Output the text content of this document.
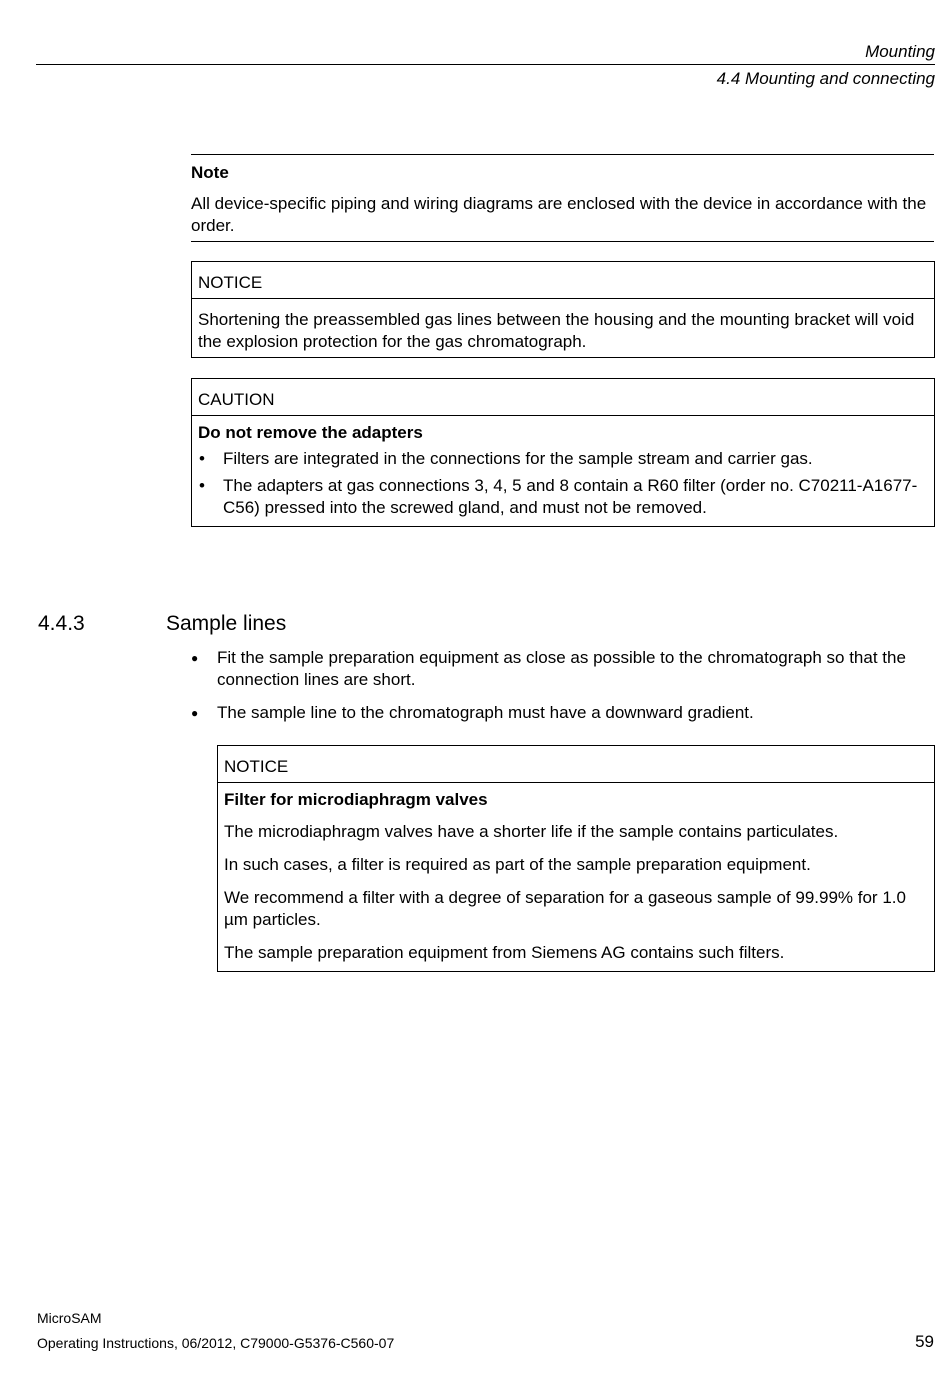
Mounting
4.4 Mounting and connecting
Note
All device-specific piping and wiring diagrams are enclosed with the device in accordance with the order.
NOTICE
Shortening the preassembled gas lines between the housing and the mounting bracket will void the explosion protection for the gas chromatograph.
CAUTION
Do not remove the adapters
• Filters are integrated in the connections for the sample stream and carrier gas.
• The adapters at gas connections 3, 4, 5 and 8 contain a R60 filter (order no. C70211-A1677-C56) pressed into the screwed gland, and must not be removed.
4.4.3	Sample lines
● Fit the sample preparation equipment as close as possible to the chromatograph so that the connection lines are short.
● The sample line to the chromatograph must have a downward gradient.
NOTICE
Filter for microdiaphragm valves
The microdiaphragm valves have a shorter life if the sample contains particulates.
In such cases, a filter is required as part of the sample preparation equipment.
We recommend a filter with a degree of separation for a gaseous sample of 99.99% for 1.0 µm particles.
The sample preparation equipment from Siemens AG contains such filters.
MicroSAM
Operating Instructions, 06/2012, C79000-G5376-C560-07	59
